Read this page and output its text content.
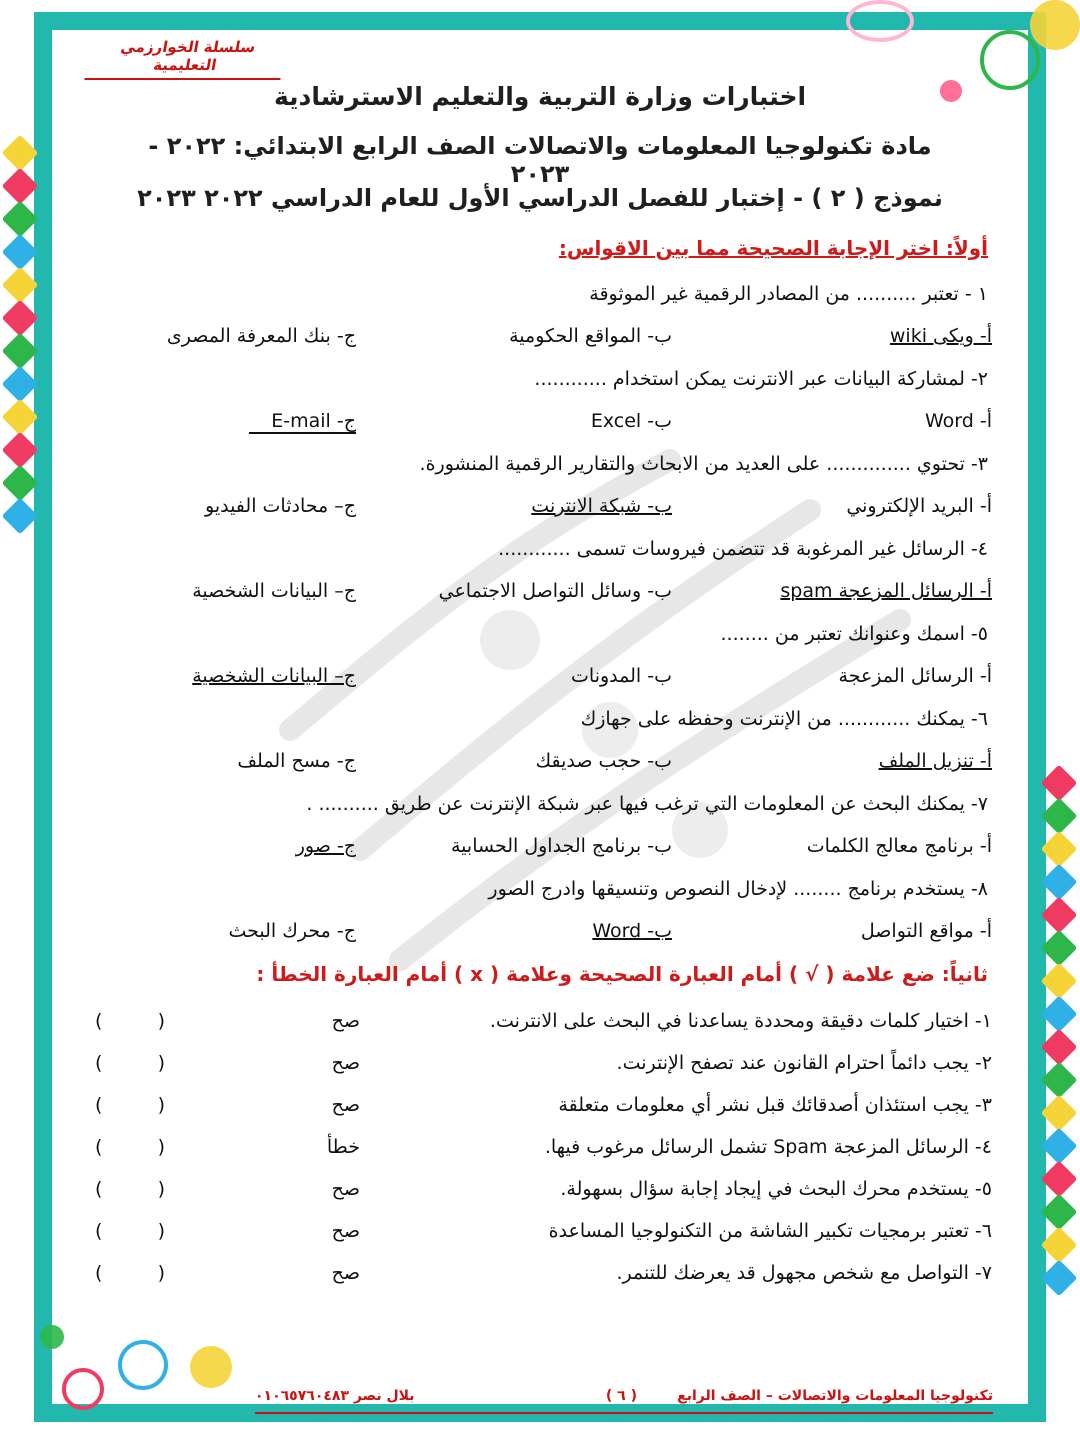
سلسلة الخوارزمي التعليمية
اختبارات وزارة التربية والتعليم الاسترشادية
مادة تكنولوجيا المعلومات والاتصالات الصف الرابع الابتدائي: ٢٠٢٢ - ٢٠٢٣
نموذج ( ٢ ) - إختبار للفصل الدراسي الأول للعام الدراسي ٢٠٢٢ ٢٠٢٣
أولاً: اختر الإجابة الصحيحة مما بين الاقواس:
١ - تعتبر .......... من المصادر الرقمية غير الموثوقة
أ- ويكى wiki
ب- المواقع الحكومية
ج- بنك المعرفة المصرى
٢- لمشاركة البيانات عبر الانترنت يمكن استخدام ............
أ- Word
ب- Excel
ج- E-mail
٣- تحتوي .............. على العديد من الابحاث والتقارير الرقمية المنشورة.
أ- البريد الإلكتروني
ب- شبكة الانترنت
ج– محادثات الفيديو
٤- الرسائل غير المرغوبة قد تتضمن فيروسات تسمى ............
أ- الرسائل المزعجة spam
ب- وسائل التواصل الاجتماعي
ج– البيانات الشخصية
٥- اسمك وعنوانك تعتبر من ........
أ- الرسائل المزعجة
ب- المدونات
ج– البيانات الشخصية
٦- يمكنك ............ من الإنترنت وحفظه على جهازك
أ- تنزيل الملف
ب- حجب صديقك
ج- مسح الملف
٧- يمكنك البحث عن المعلومات التي ترغب فيها عبر شبكة الإنترنت عن طريق .......... .
أ- برنامج معالج الكلمات
ب- برنامج الجداول الحسابية
ج- صور
٨- يستخدم برنامج ........ لإدخال النصوص وتنسيقها وادرج الصور
أ- مواقع التواصل
ب- Word
ج- محرك البحث
ثانياً: ضع علامة ( √ ) أمام العبارة الصحيحة وعلامة ( x ) أمام العبارة الخطأ :
١- اختيار كلمات دقيقة ومحددة يساعدنا في البحث على الانترنت.
صح
(
)
٢- يجب دائماً احترام القانون عند تصفح الإنترنت.
صح
(
)
٣- يجب استئذان أصدقائك قبل نشر أي معلومات متعلقة
صح
(
)
٤- الرسائل المزعجة Spam تشمل الرسائل مرغوب فيها.
خطأ
(
)
٥- يستخدم محرك البحث في إيجاد إجابة سؤال بسهولة.
صح
(
)
٦- تعتبر برمجيات تكبير الشاشة من التكنولوجيا المساعدة
صح
(
)
٧- التواصل مع شخص مجهول قد يعرضك للتنمر.
صح
(
)
تكنولوجيا المعلومات والاتصالات – الصف الرابع
( ٦ )
بلال نصر ٠١٠٦٥٧٦٠٤٨٣
